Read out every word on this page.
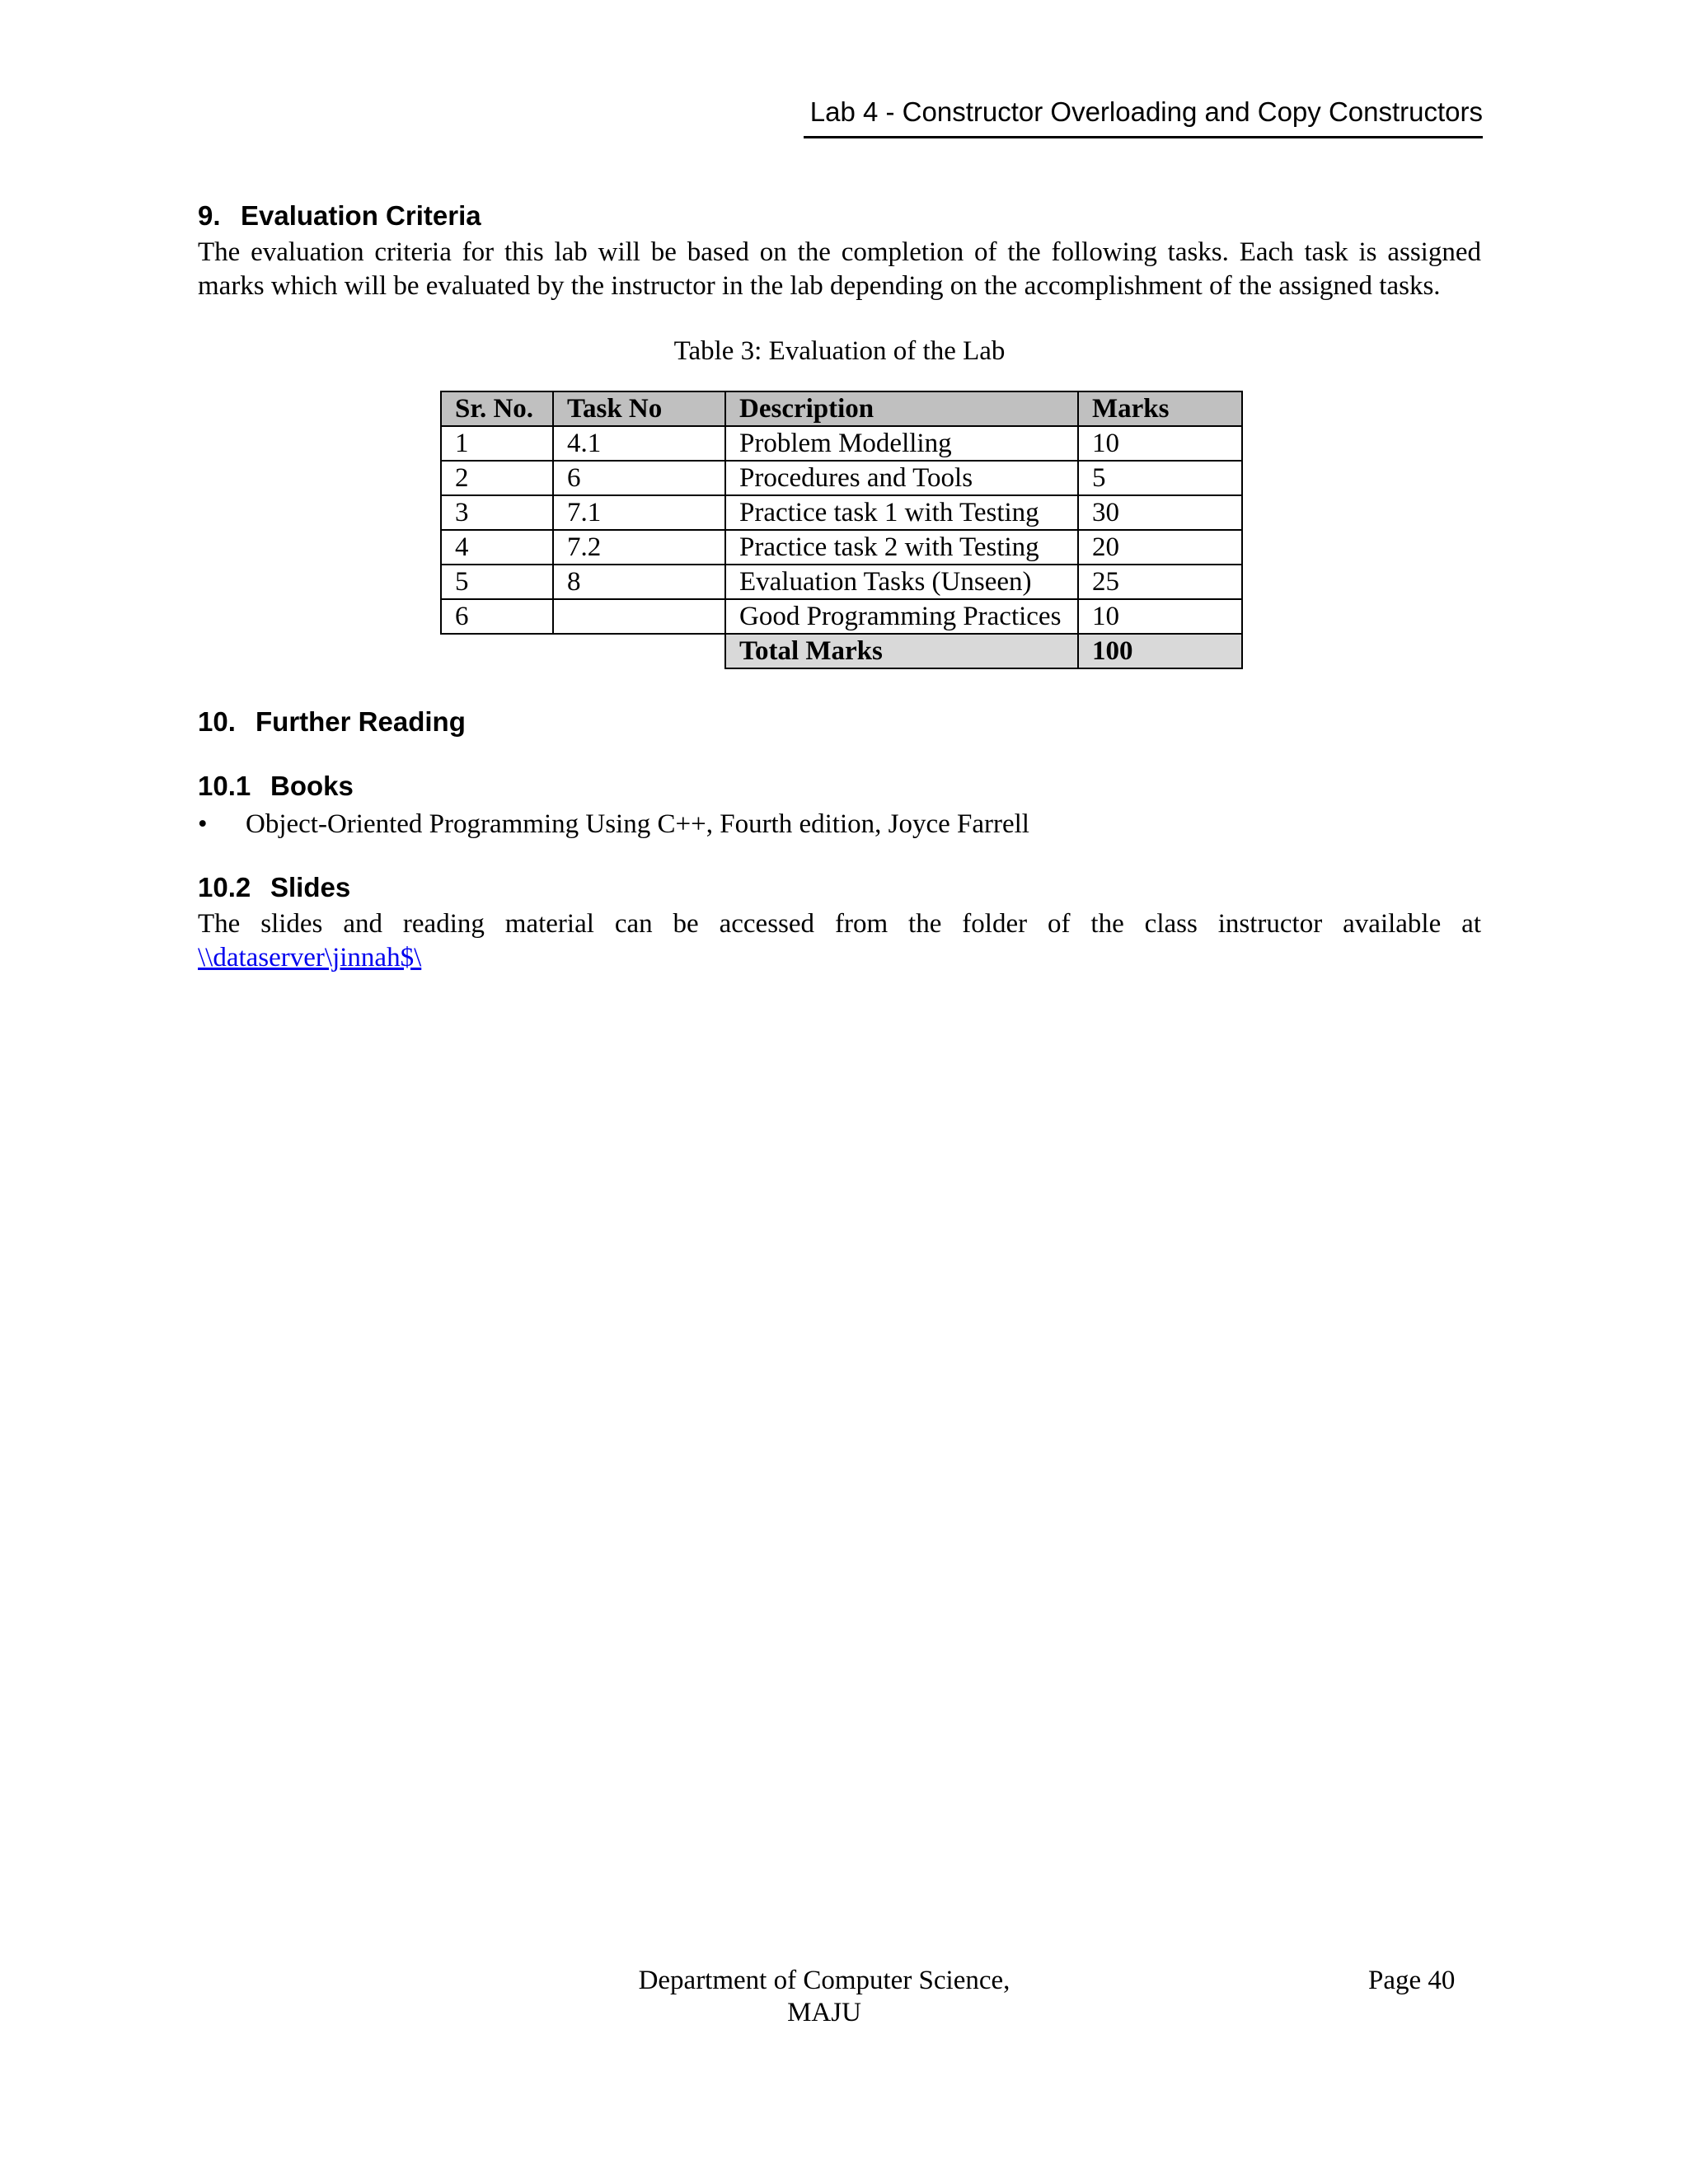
Lab 4 - Constructor Overloading and Copy Constructors
9. Evaluation Criteria

The evaluation criteria for this lab will be based on the completion of the following tasks. Each task is assigned marks which will be evaluated by the instructor in the lab depending on the accomplishment of the assigned tasks.

Table 3: Evaluation of the Lab

Sr. No.	Task No	Description	Marks
1	4.1	Problem Modelling	10
2	6	Procedures and Tools	5
3	7.1	Practice task 1 with Testing	30
4	7.2	Practice task 2 with Testing	20
5	8	Evaluation Tasks (Unseen)	25
6		Good Programming Practices	10
		Total Marks	100
10. Further Reading
10.1 Books
• Object-Oriented Programming Using C++, Fourth edition, Joyce Farrell
10.2 Slides

The slides and reading material can be accessed from the folder of the class instructor available at \\dataserver\jinnah$\

Department of Computer Science,
MAJU
Page 40
